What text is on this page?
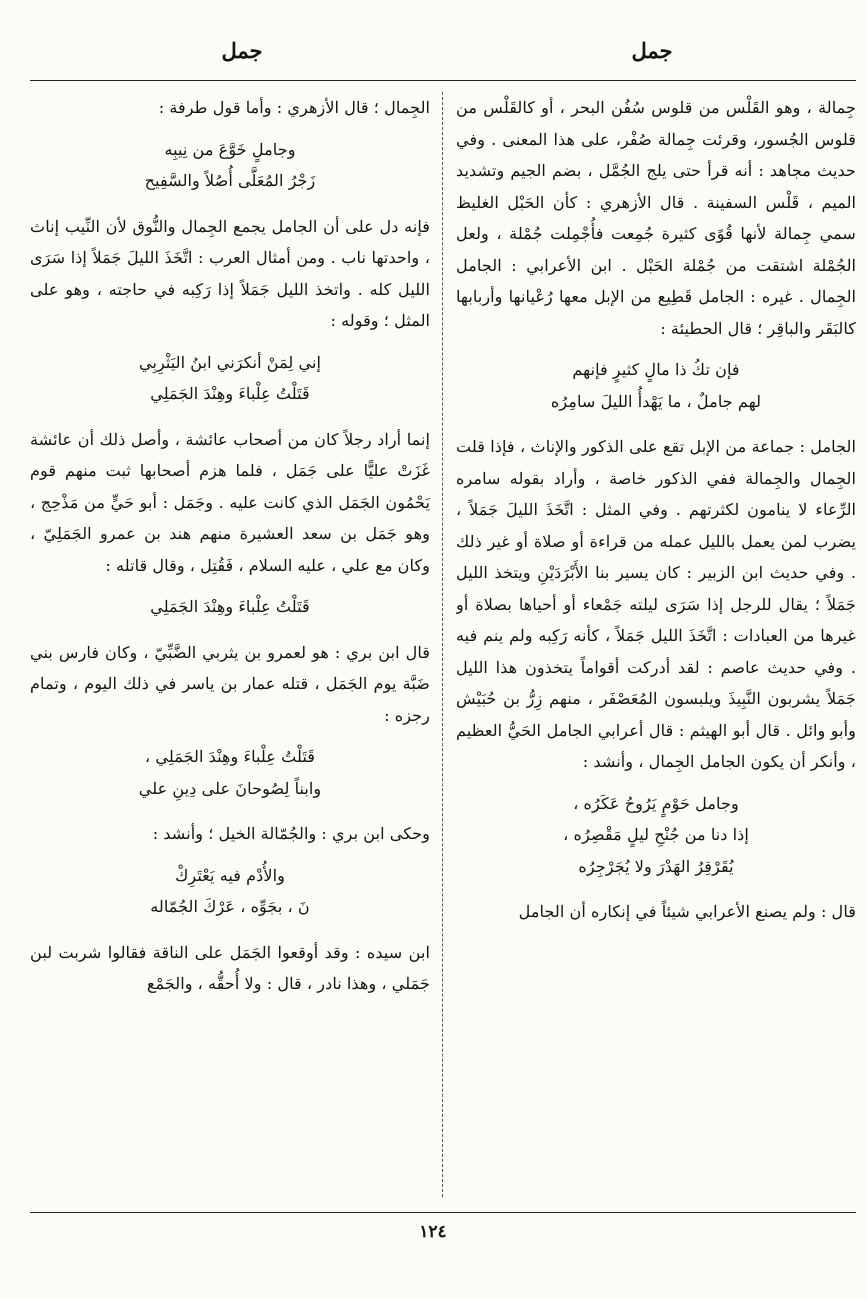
جمل
جمل

جِمالة ، وهو القَلْس من قلوس سُفُن البحر ، أو كالقَلْس من قلوس الجُسور، وقرئت جِمالة صُفْر، على هذا المعنى . وفي حديث مجاهد : أنه قرأ حتى يلج الجُمَّل ، بضم الجيم وتشديد الميم ، قَلْس السفينة . قال الأزهري : كأن الحَبْل الغليظ سمي جِمالة لأنها قُوًى كثيرة جُمِعت فأُجْمِلت جُمْلة ، ولعل الجُمْلة اشتقت من جُمْلة الحَبْل . ابن الأعرابي : الجامل الجِمال . غيره : الجامل قَطِيع من الإبل معها رُعْيانها وأربابها كالبَقَر والباقِر ؛ قال الحطيئة :

فإن تكُ ذا مالٍ كثيرٍ فإنهم
لهم جاملٌ ، ما يَهْدأُ الليلَ سامِرُه

الجامل : جماعة من الإبل تقع على الذكور والإناث ، فإذا قلت الجِمال والجِمالة ففي الذكور خاصة ، وأراد بقوله سامره الرِّعاء لا ينامون لكثرتهم . وفي المثل : اتَّخَذَ الليلَ جَمَلاً ، يضرب لمن يعمل بالليل عمله من قراءة أو صلاة أو غير ذلك . وفي حديث ابن الزبير : كان يسير بنا الأَبْرَدَيْنِ ويتخذ الليل جَمَلاً ؛ يقال للرجل إذا سَرَى ليلته جَمْعاء أو أحياها بصلاة أو غيرها من العبادات : اتَّخَذَ الليل جَمَلاً ، كأنه رَكِبه ولم ينم فيه . وفي حديث عاصم : لقد أدركت أقواماً يتخذون هذا الليل جَمَلاً يشربون النَّبِيذَ ويلبسون المُعَصْفَر ، منهم زِرُّ بن حُبَيْش وأبو وائل . قال أبو الهيثم : قال أعرابي الجامل الحَيُّ العظيم ، وأنكر أن يكون الجامل الجِمال ، وأنشد :

وجامل حَوْمٍ يَرُوحُ عَكَرُه ،
إذا دنا من جُنْحِ ليلٍ مَقْصِرُه ،
يُقَرْقِرُ الهَدْرَ ولا يُجَرْجِرُه

قال : ولم يصنع الأعرابي شيئاً في إنكاره أن الجامل

الجِمال ؛ قال الأزهري : وأما قول طرفة :

وجاملٍ خَوَّعَ من نِيبِه
زَجْرُ المُعَلَّى أُصُلاً والسَّفِيح

فإنه دل على أن الجامل يجمع الجِمال والنُّوق لأن النِّيب إناث ، واحدتها ناب . ومن أمثال العرب : اتَّخَذَ الليلَ جَمَلاً إذا سَرَى الليل كله . واتخذ الليل جَمَلاً إذا رَكِبه في حاجته ، وهو على المثل ؛ وقوله :

إني لِمَنْ أنكرَني ابنُ اليَثْرِبِي
قَتَلْتُ عِلْباءَ وهِنْدَ الجَمَلِي

إنما أراد رجلاً كان من أصحاب عائشة ، وأصل ذلك أن عائشة غَزَتْ عليًّا على جَمَل ، فلما هزم أصحابها ثبت منهم قوم يَحْمُون الجَمَل الذي كانت عليه . وجَمَل : أبو حَيٍّ من مَذْحِج ، وهو جَمَل بن سعد العشيرة منهم هند بن عمرو الجَمَلِيّ ، وكان مع علي ، عليه السلام ، فَقُتِل ، وقال قاتله :

قَتَلْتُ عِلْباءَ وهِنْدَ الجَمَلِي

قال ابن بري : هو لعمرو بن يثربي الضَّبِّيّ ، وكان فارس بني ضَبَّة يوم الجَمَل ، قتله عمار بن ياسر في ذلك اليوم ، وتمام رجزه :

قَتَلْتُ عِلْباءَ وهِنْدَ الجَمَلِي ،
وابناً لِصُوحانَ على دِينِ علي

وحكى ابن بري : والجُمّالة الخيل ؛ وأنشد :

والأُدْم فيه يَعْتَرِكْ
نَ ، بجَوِّه ، عَرْكَ الجُمّاله

ابن سيده : وقد أوقعوا الجَمَل على الناقة فقالوا شربت لبن جَمَلي ، وهذا نادر ، قال : ولا أُحقُّه ، والجَمْع

١٢٤
